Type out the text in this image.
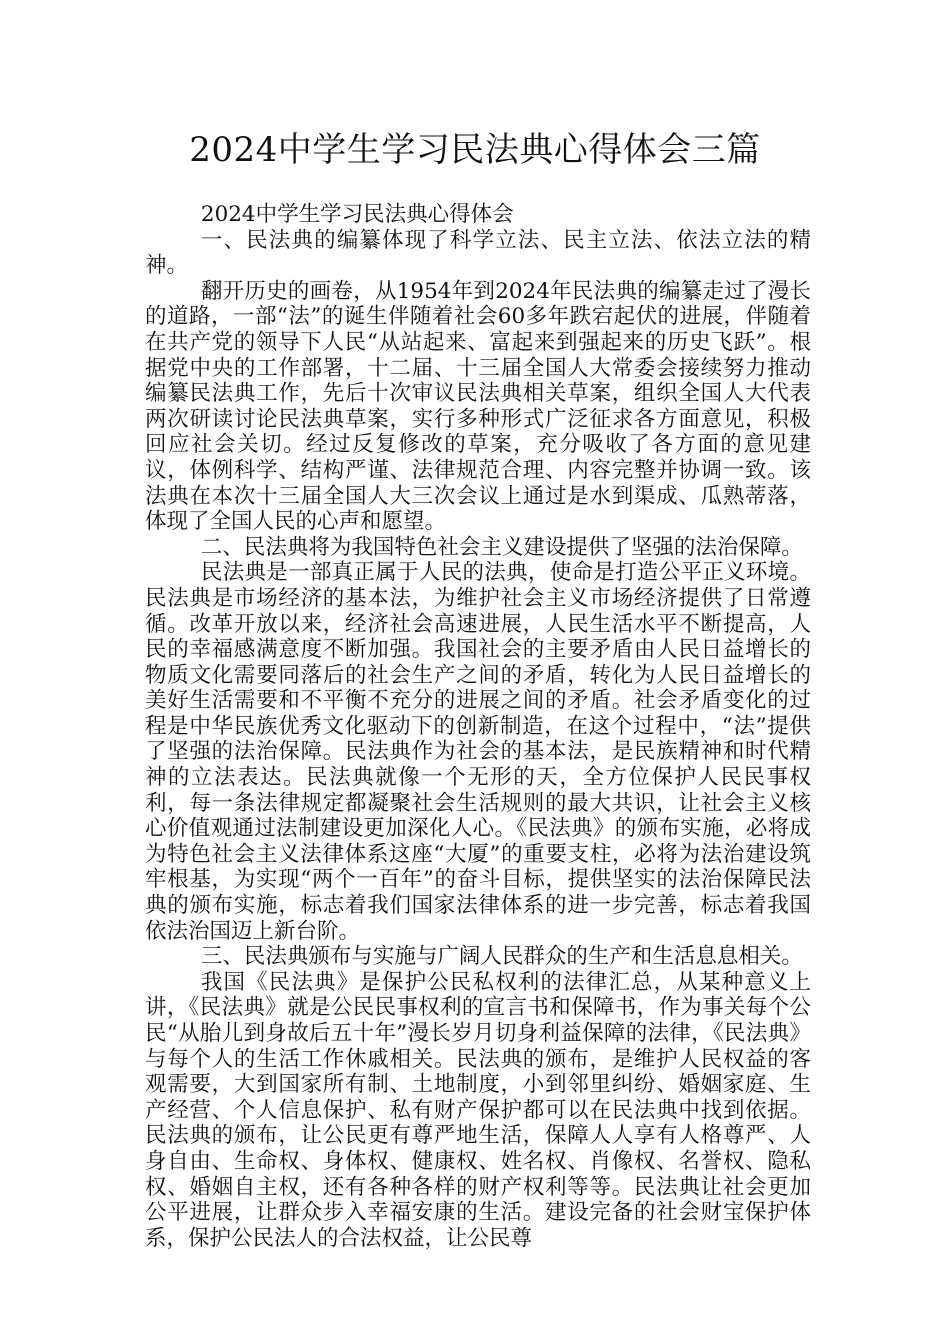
2024中学生学习民法典心得体会三篇

2024中学生学习民法典心得体会

一、民法典的编纂体现了科学立法、民主立法、依法立法的精神。

翻开历史的画卷，从1954年到2024年民法典的编纂走过了漫长的道路，一部“法”的诞生伴随着社会60多年跌宕起伏的进展，伴随着在共产党的领导下人民“从站起来、富起来到强起来的历史飞跃”。根据党中央的工作部署，十二届、十三届全国人大常委会接续努力推动编纂民法典工作，先后十次审议民法典相关草案，组织全国人大代表两次研读讨论民法典草案，实行多种形式广泛征求各方面意见，积极回应社会关切。经过反复修改的草案，充分吸收了各方面的意见建议，体例科学、结构严谨、法律规范合理、内容完整并协调一致。该法典在本次十三届全国人大三次会议上通过是水到渠成、瓜熟蒂落，体现了全国人民的心声和愿望。

二、民法典将为我国特色社会主义建设提供了坚强的法治保障。

民法典是一部真正属于人民的法典，使命是打造公平正义环境。民法典是市场经济的基本法，为维护社会主义市场经济提供了日常遵循。改革开放以来，经济社会高速进展，人民生活水平不断提高，人民的幸福感满意度不断加强。我国社会的主要矛盾由人民日益增长的物质文化需要同落后的社会生产之间的矛盾，转化为人民日益增长的美好生活需要和不平衡不充分的进展之间的矛盾。社会矛盾变化的过程是中华民族优秀文化驱动下的创新制造，在这个过程中，“法”提供了坚强的法治保障。民法典作为社会的基本法，是民族精神和时代精神的立法表达。民法典就像一个无形的天，全方位保护人民民事权利，每一条法律规定都凝聚社会生活规则的最大共识，让社会主义核心价值观通过法制建设更加深化人心。《民法典》的颁布实施，必将成为特色社会主义法律体系这座“大厦”的重要支柱，必将为法治建设筑牢根基，为实现“两个一百年”的奋斗目标，提供坚实的法治保障民法典的颁布实施，标志着我们国家法律体系的进一步完善，标志着我国依法治国迈上新台阶。

三、民法典颁布与实施与广阔人民群众的生产和生活息息相关。

我国《民法典》是保护公民私权利的法律汇总，从某种意义上讲，《民法典》就是公民民事权利的宣言书和保障书，作为事关每个公民“从胎儿到身故后五十年”漫长岁月切身利益保障的法律，《民法典》与每个人的生活工作休戚相关。民法典的颁布，是维护人民权益的客观需要，大到国家所有制、土地制度，小到邻里纠纷、婚姻家庭、生产经营、个人信息保护、私有财产保护都可以在民法典中找到依据。民法典的颁布，让公民更有尊严地生活，保障人人享有人格尊严、人身自由、生命权、身体权、健康权、姓名权、肖像权、名誉权、隐私权、婚姻自主权，还有各种各样的财产权利等等。民法典让社会更加公平进展，让群众步入幸福安康的生活。建设完备的社会财宝保护体系，保护公民法人的合法权益，让公民尊
